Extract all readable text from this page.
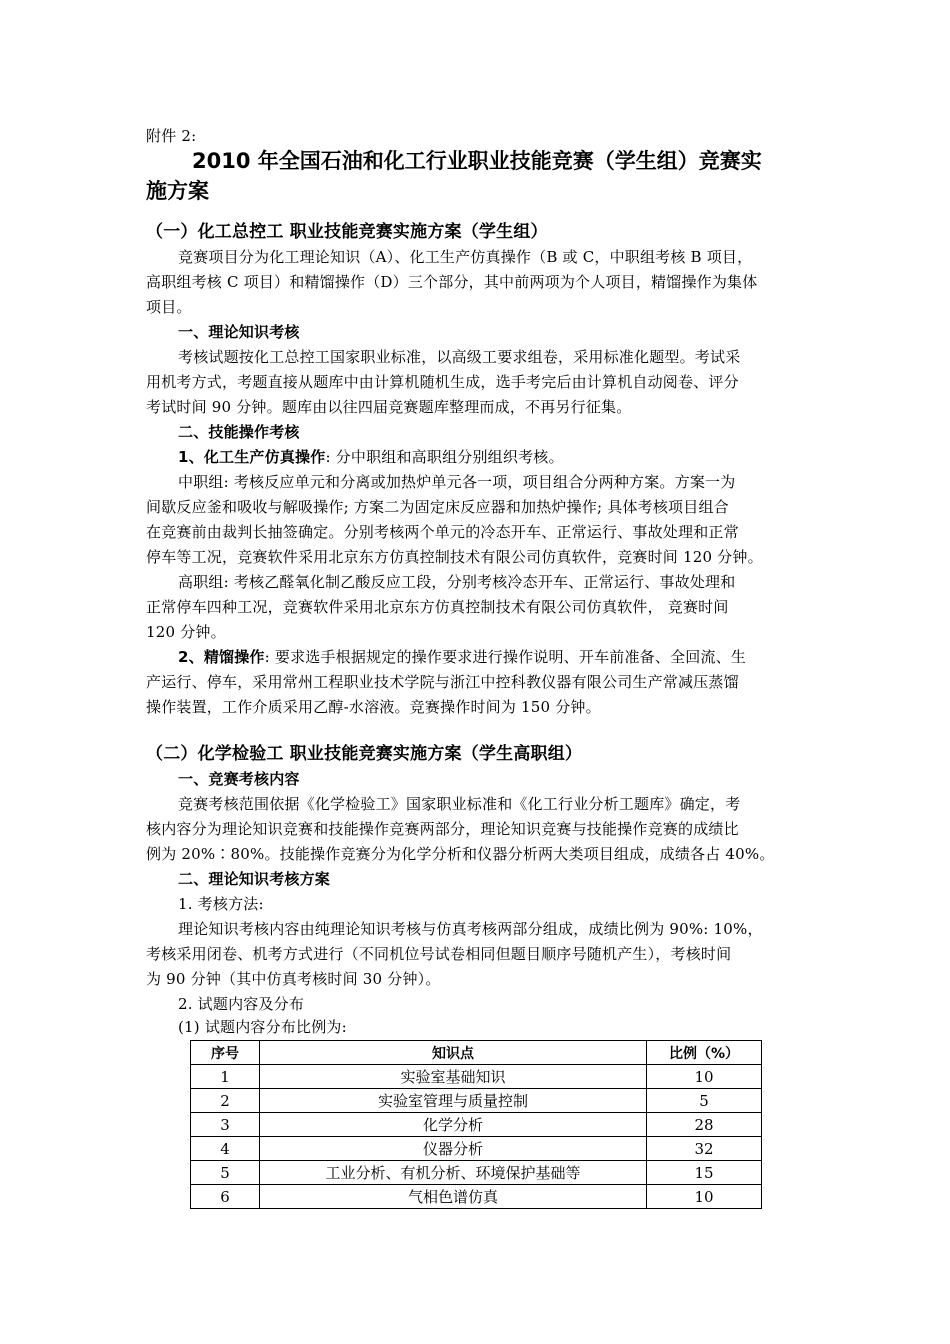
附件 2:
2010 年全国石油和化工行业职业技能竞赛（学生组）竞赛实
施方案
（一）化工总控工 职业技能竞赛实施方案（学生组）
竞赛项目分为化工理论知识（A）、化工生产仿真操作（B 或 C，中职组考核 B 项目，
高职组考核 C 项目）和精馏操作（D）三个部分，其中前两项为个人项目，精馏操作为集体
项目。
一、理论知识考核
考核试题按化工总控工国家职业标准，以高级工要求组卷，采用标准化题型。考试采
用机考方式，考题直接从题库中由计算机随机生成，选手考完后由计算机自动阅卷、评分
考试时间 90 分钟。题库由以往四届竞赛题库整理而成，不再另行征集。
二、技能操作考核
1、化工生产仿真操作: 分中职组和高职组分别组织考核。
中职组: 考核反应单元和分离或加热炉单元各一项，项目组合分两种方案。方案一为
间歇反应釜和吸收与解吸操作; 方案二为固定床反应器和加热炉操作; 具体考核项目组合
在竞赛前由裁判长抽签确定。分别考核两个单元的冷态开车、正常运行、事故处理和正常
停车等工况，竞赛软件采用北京东方仿真控制技术有限公司仿真软件，竞赛时间 120 分钟。
高职组: 考核乙醛氧化制乙酸反应工段，分别考核冷态开车、正常运行、事故处理和
正常停车四种工况，竞赛软件采用北京东方仿真控制技术有限公司仿真软件， 竞赛时间
120 分钟。
2、精馏操作: 要求选手根据规定的操作要求进行操作说明、开车前准备、全回流、生
产运行、停车，采用常州工程职业技术学院与浙江中控科教仪器有限公司生产常减压蒸馏
操作装置，工作介质采用乙醇-水溶液。竞赛操作时间为 150 分钟。
（二）化学检验工 职业技能竞赛实施方案（学生高职组）
一、竞赛考核内容
竞赛考核范围依据《化学检验工》国家职业标准和《化工行业分析工题库》确定，考
核内容分为理论知识竞赛和技能操作竞赛两部分，理论知识竞赛与技能操作竞赛的成绩比
例为 20%∶80%。技能操作竞赛分为化学分析和仪器分析两大类项目组成，成绩各占 40%。
二、理论知识考核方案
1. 考核方法:
理论知识考核内容由纯理论知识考核与仿真考核两部分组成，成绩比例为 90%: 10%，
考核采用闭卷、机考方式进行（不同机位号试卷相同但题目顺序号随机产生），考核时间
为 90 分钟（其中仿真考核时间 30 分钟）。
2. 试题内容及分布
(1) 试题内容分布比例为:
序号	知识点	比例（%）
1	实验室基础知识	10
2	实验室管理与质量控制	5
3	化学分析	28
4	仪器分析	32
5	工业分析、有机分析、环境保护基础等	15
6	气相色谱仿真	10
